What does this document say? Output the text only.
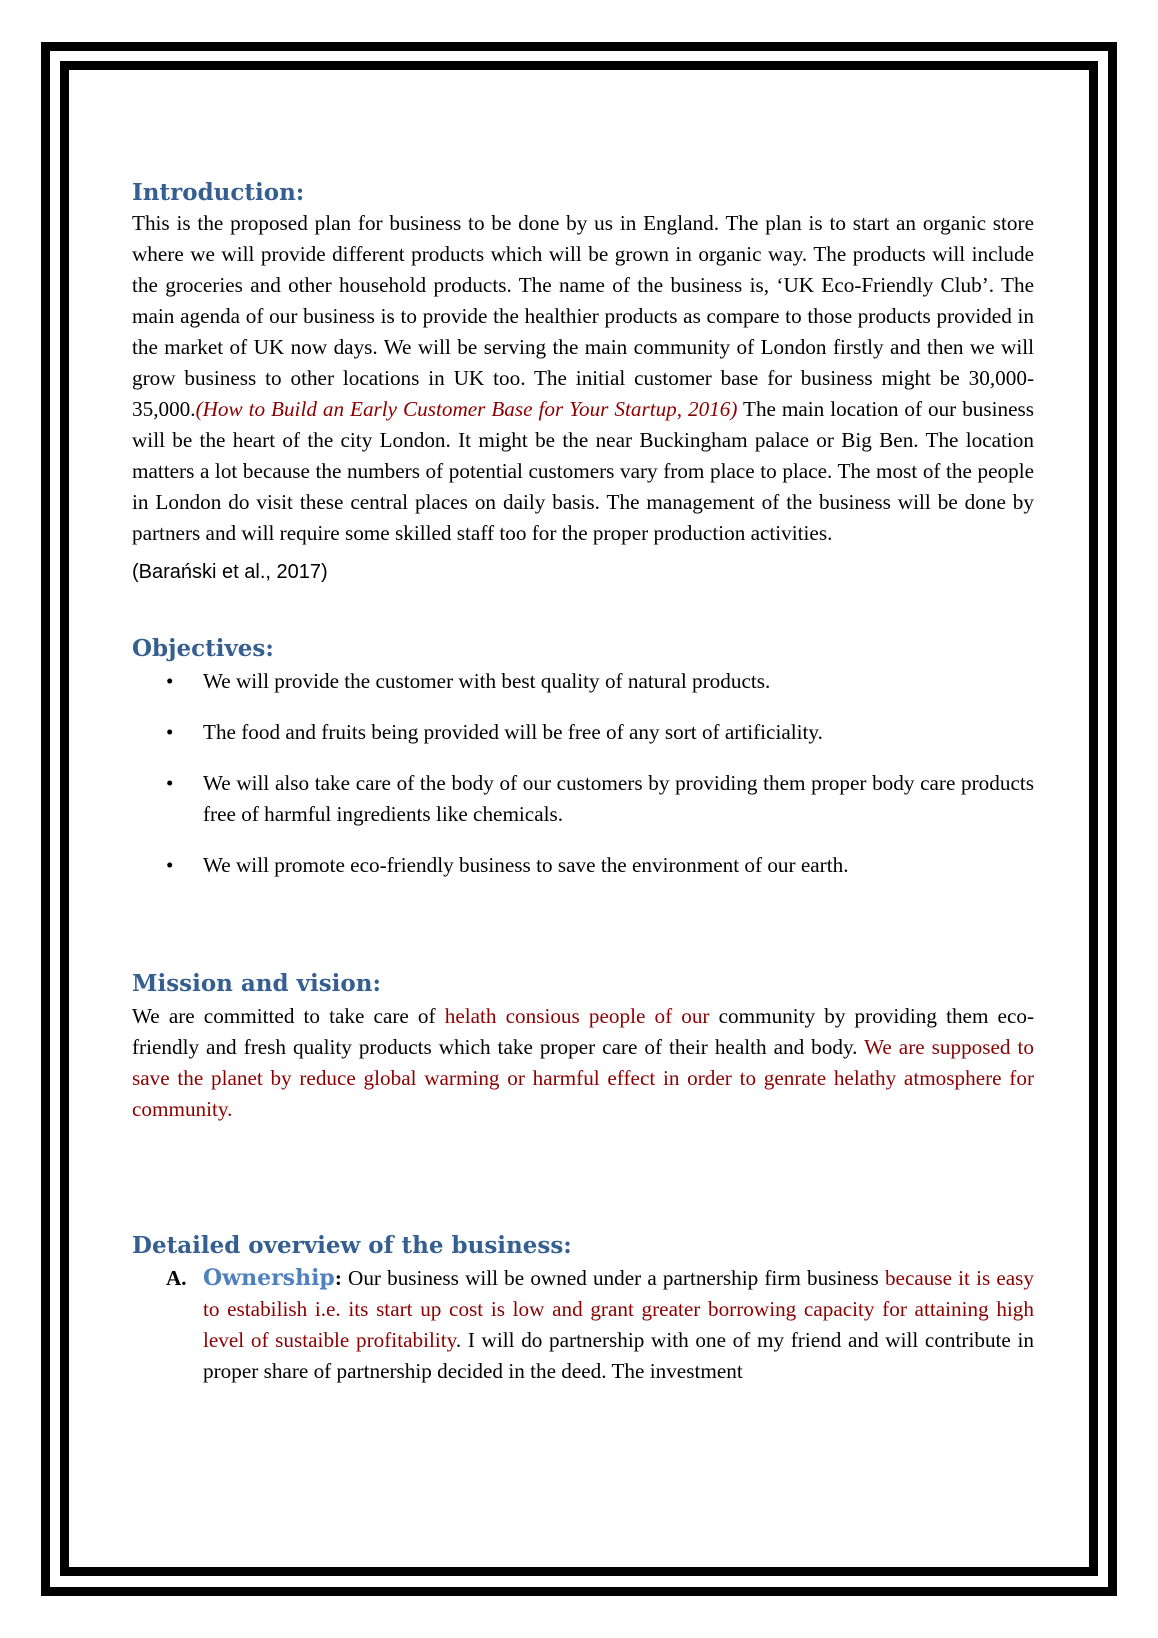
Introduction:

This is the proposed plan for business to be done by us in England. The plan is to start an organic store where we will provide different products which will be grown in organic way. The products will include the groceries and other household products. The name of the business is, ‘UK Eco-Friendly Club’. The main agenda of our business is to provide the healthier products as compare to those products provided in the market of UK now days. We will be serving the main community of London firstly and then we will grow business to other locations in UK too. The initial customer base for business might be 30,000-35,000.(How to Build an Early Customer Base for Your Startup, 2016) The main location of our business will be the heart of the city London. It might be the near Buckingham palace or Big Ben. The location matters a lot because the numbers of potential customers vary from place to place. The most of the people in London do visit these central places on daily basis. The management of the business will be done by partners and will require some skilled staff too for the proper production activities.

(Barański et al., 2017)
Objectives:
• We will provide the customer with best quality of natural products.
• The food and fruits being provided will be free of any sort of artificiality.
• We will also take care of the body of our customers by providing them proper body care products free of harmful ingredients like chemicals.
• We will promote eco-friendly business to save the environment of our earth.
Mission and vision:

We are committed to take care of helath consious people of our community by providing them eco-friendly and fresh quality products which take proper care of their health and body. We are supposed to save the planet by reduce global warming or harmful effect in order to genrate helathy atmosphere for community.

Detailed overview of the business:
A. Ownership: Our business will be owned under a partnership firm business because it is easy to estabilish i.e. its start up cost is low and grant greater borrowing capacity for attaining high level of sustaible profitability. I will do partnership with one of my friend and will contribute in proper share of partnership decided in the deed. The investment
